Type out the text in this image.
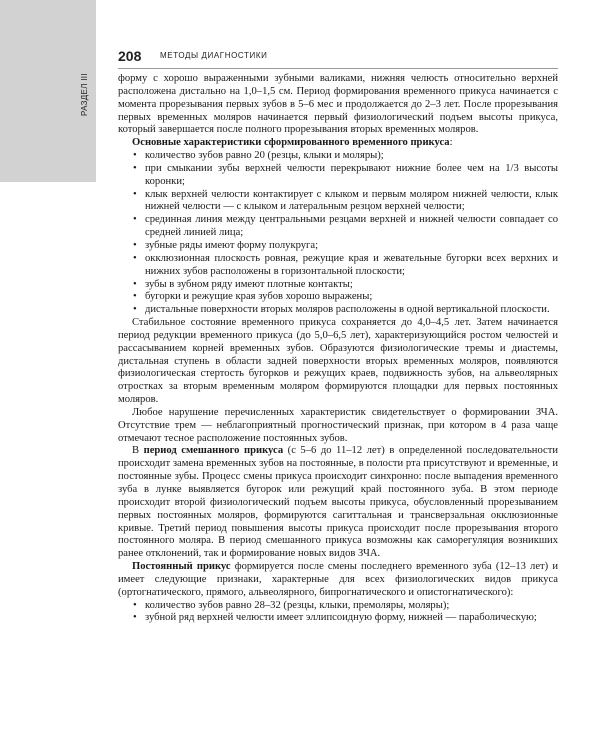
РАЗДЕЛ III
208 МЕТОДЫ ДИАГНОСТИКИ

форму с хорошо выраженными зубными валиками, нижняя челюсть относительно верхней расположена дистально на 1,0–1,5 см. Период формирования временного прикуса начинается с момента прорезывания первых зубов в 5–6 мес и продолжается до 2–3 лет. После прорезывания первых временных моляров начинается первый физиологический подъем высоты прикуса, который завершается после полного прорезывания вторых временных моляров.

Основные характеристики сформированного временного прикуса:

• количество зубов равно 20 (резцы, клыки и моляры);
• при смыкании зубы верхней челюсти перекрывают нижние более чем на 1/3 высоты коронки;
• клык верхней челюсти контактирует с клыком и первым моляром нижней челюсти, клык нижней челюсти — с клыком и латеральным резцом верхней челюсти;
• срединная линия между центральными резцами верхней и нижней челюсти совпадает со средней линией лица;
• зубные ряды имеют форму полукруга;
• окклюзионная плоскость ровная, режущие края и жевательные бугорки всех верхних и нижних зубов расположены в горизонтальной плоскости;
• зубы в зубном ряду имеют плотные контакты;
• бугорки и режущие края зубов хорошо выражены;
• дистальные поверхности вторых моляров расположены в одной вертикальной плоскости.

Стабильное состояние временного прикуса сохраняется до 4,0–4,5 лет. Затем начинается период редукции временного прикуса (до 5,0–6,5 лет), характеризующийся ростом челюстей и рассасыванием корней временных зубов. Образуются физиологические тремы и диастемы, дистальная ступень в области задней поверхности вторых временных моляров, появляются физиологическая стертость бугорков и режущих краев, подвижность зубов, на альвеолярных отростках за вторым временным моляром формируются площадки для первых постоянных моляров.

Любое нарушение перечисленных характеристик свидетельствует о формировании ЗЧА. Отсутствие трем — неблагоприятный прогностический признак, при котором в 4 раза чаще отмечают тесное расположение постоянных зубов.

В период смешанного прикуса (с 5–6 до 11–12 лет) в определенной последовательности происходит замена временных зубов на постоянные, в полости рта присутствуют и временные, и постоянные зубы. Процесс смены прикуса происходит синхронно: после выпадения временного зуба в лунке выявляется бугорок или режущий край постоянного зуба. В этом периоде происходит второй физиологический подъем высоты прикуса, обусловленный прорезыванием первых постоянных моляров, формируются сагиттальная и трансверзальная окклюзионные кривые. Третий период повышения высоты прикуса происходит после прорезывания второго постоянного моляра. В период смешанного прикуса возможны как саморегуляция возникших ранее отклонений, так и формирование новых видов ЗЧА.

Постоянный прикус формируется после смены последнего временного зуба (12–13 лет) и имеет следующие признаки, характерные для всех физиологических видов прикуса (ортогнатического, прямого, альвеолярного, бипрогнатического и опистогнатического):

• количество зубов равно 28–32 (резцы, клыки, премоляры, моляры);
• зубной ряд верхней челюсти имеет эллипсоидную форму, нижней — параболическую;
